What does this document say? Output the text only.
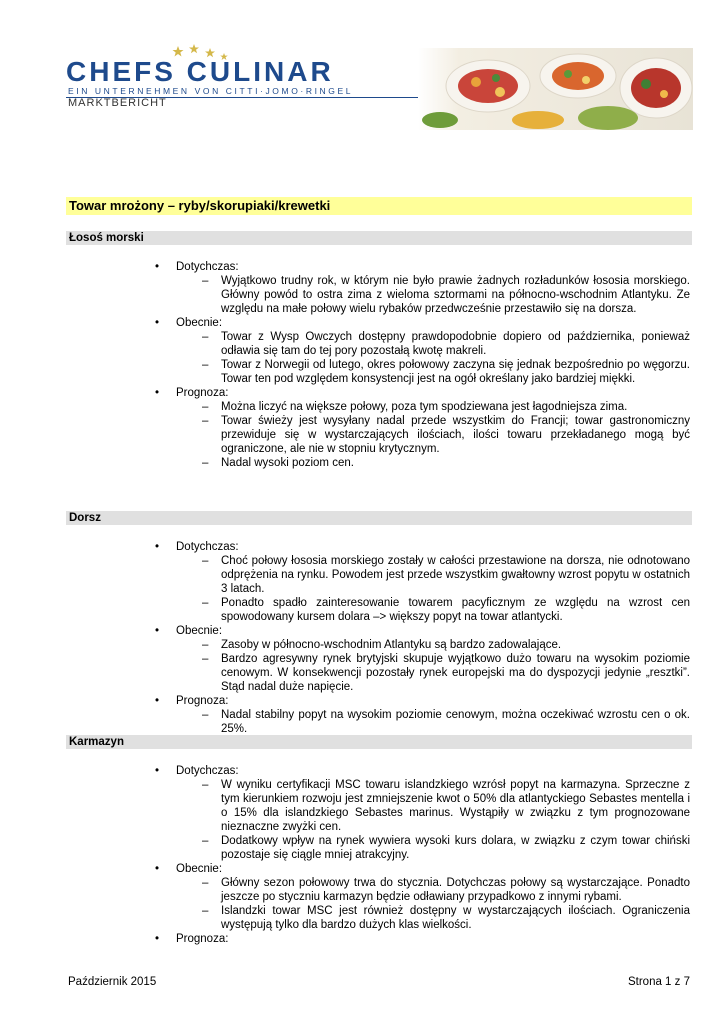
CHEFS CULINAR
EIN UNTERNEHMEN VON CITTI·JOMO·RINGEL
MARKTBERICHT
Towar mrożony – ryby/skorupiaki/krewetki
Łosoś morski
• Dotychczas:
– Wyjątkowo trudny rok, w którym nie było prawie żadnych rozładunków łososia morskiego. Główny powód to ostra zima z wieloma sztormami na północno-wschodnim Atlantyku. Ze względu na małe połowy wielu rybaków przedwcześnie przestawiło się na dorsza.
• Obecnie:
– Towar z Wysp Owczych dostępny prawdopodobnie dopiero od października, ponieważ odławia się tam do tej pory pozostałą kwotę makreli.
– Towar z Norwegii od lutego, okres połowowy zaczyna się jednak bezpośrednio po węgorzu. Towar ten pod względem konsystencji jest na ogół określany jako bardziej miękki.
• Prognoza:
– Można liczyć na większe połowy, poza tym spodziewana jest łagodniejsza zima.
– Towar świeży jest wysyłany nadal przede wszystkim do Francji; towar gastronomiczny przewiduje się w wystarczających ilościach, ilości towaru przekładanego mogą być ograniczone, ale nie w stopniu krytycznym.
– Nadal wysoki poziom cen.
Dorsz
• Dotychczas:
– Choć połowy łososia morskiego zostały w całości przestawione na dorsza, nie odnotowano odprężenia na rynku. Powodem jest przede wszystkim gwałtowny wzrost popytu w ostatnich 3 latach.
– Ponadto spadło zainteresowanie towarem pacyficznym ze względu na wzrost cen spowodowany kursem dolara –> większy popyt na towar atlantycki.
• Obecnie:
– Zasoby w północno-wschodnim Atlantyku są bardzo zadowalające.
– Bardzo agresywny rynek brytyjski skupuje wyjątkowo dużo towaru na wysokim poziomie cenowym. W konsekwencji pozostały rynek europejski ma do dyspozycji jedynie „resztki”. Stąd nadal duże napięcie.
• Prognoza:
– Nadal stabilny popyt na wysokim poziomie cenowym, można oczekiwać wzrostu cen o ok. 25%.
Karmazyn
• Dotychczas:
– W wyniku certyfikacji MSC towaru islandzkiego wzrósł popyt na karmazyna. Sprzeczne z tym kierunkiem rozwoju jest zmniejszenie kwot o 50% dla atlantyckiego Sebastes mentella i o 15% dla islandzkiego Sebastes marinus. Wystąpiły w związku z tym prognozowane nieznaczne zwyżki cen.
– Dodatkowy wpływ na rynek wywiera wysoki kurs dolara, w związku z czym towar chiński pozostaje się ciągle mniej atrakcyjny.
• Obecnie:
– Główny sezon połowowy trwa do stycznia. Dotychczas połowy są wystarczające. Ponadto jeszcze po styczniu karmazyn będzie odławiany przypadkowo z innymi rybami.
– Islandzki towar MSC jest również dostępny w wystarczających ilościach. Ograniczenia występują tylko dla bardzo dużych klas wielkości.
• Prognoza:
Październik 2015	Strona 1 z 7
